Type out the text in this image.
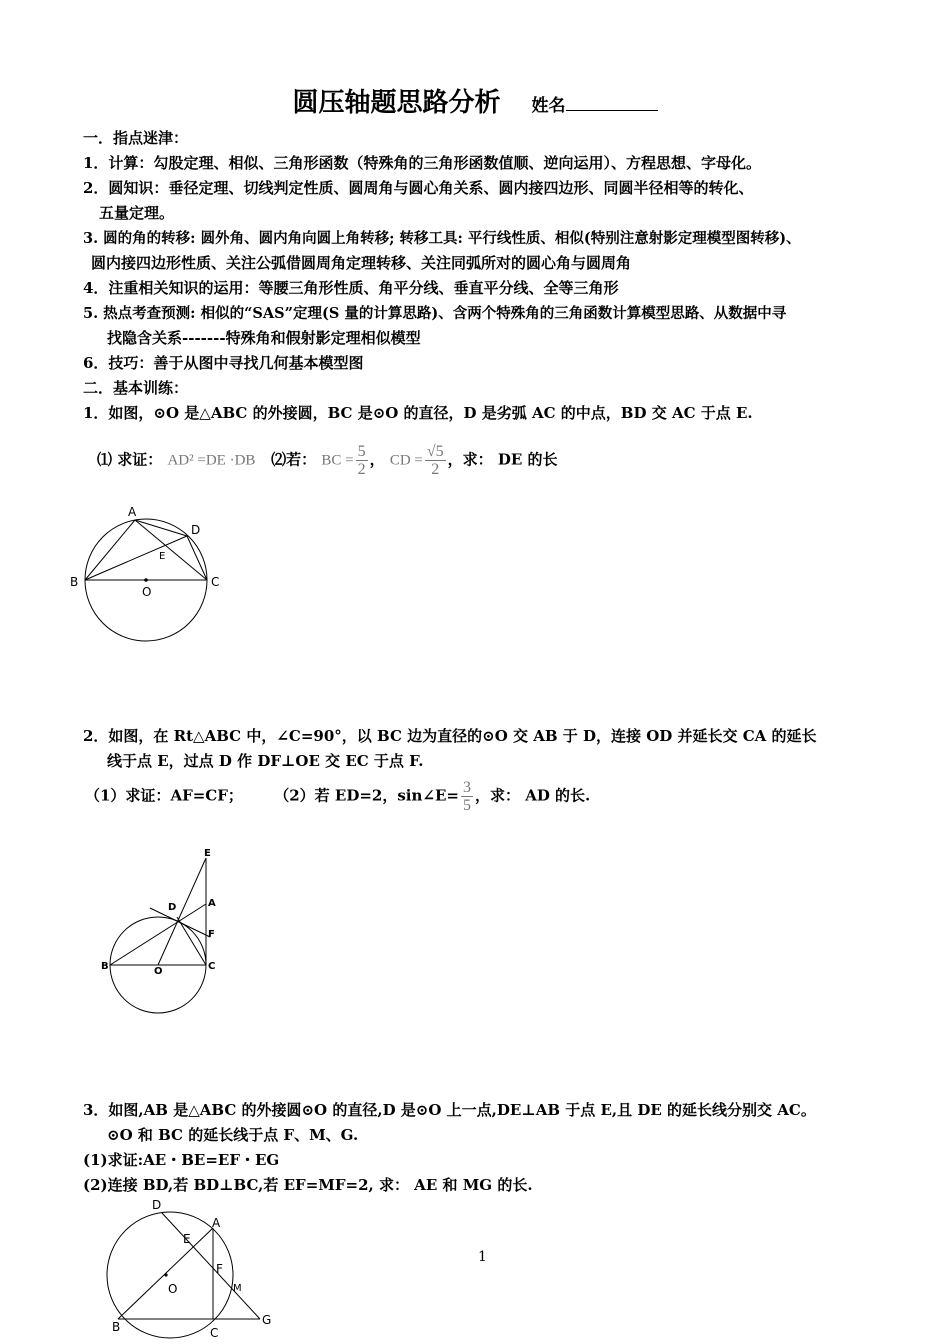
圆压轴题思路分析 姓名
一．指点迷津：
1．计算：勾股定理、相似、三角形函数（特殊角的三角形函数值顺、逆向运用）、方程思想、字母化。
2．圆知识：垂径定理、切线判定性质、圆周角与圆心角关系、圆内接四边形、同圆半径相等的转化、
五量定理。
3. 圆的角的转移: 圆外角、圆内角向圆上角转移; 转移工具: 平行线性质、相似(特别注意射影定理模型图转移)、
圆内接四边形性质、关注公弧借圆周角定理转移、关注同弧所对的圆心角与圆周角
4．注重相关知识的运用：等腰三角形性质、角平分线、垂直平分线、全等三角形
5. 热点考查预测: 相似的“SAS”定理(S 量的计算思路)、含两个特殊角的三角函数计算模型思路、从数据中寻
找隐含关系-------特殊角和假射影定理相似模型
6．技巧：善于从图中寻找几何基本模型图
二．基本训练：
1．如图，⊙O 是△ABC 的外接圆，BC 是⊙O 的直径，D 是劣弧 AC 的中点，BD 交 AC 于点 E.
⑴ 求证： AD² =DE ·DB ⑵若： BC = $\frac{5}{2}$ ， CD = $\frac{√5}{2}$ ，求： DE 的长
A
D
E
B	C
O
2．如图，在 Rt△ABC 中，∠C=90°，以 BC 边为直径的⊙O 交 AB 于 D，连接 OD 并延长交 CA 的延长
线于点 E，过点 D 作 DF⊥OE 交 EC 于点 F.
（1）求证：AF=CF； （2）若 ED=2，sin∠E= $\frac{3}{5}$ ，求： AD 的长.
E
D	A
F
B	O	C
3．如图,AB 是△ABC 的外接圆⊙O 的直径,D 是⊙O 上一点,DE⊥AB 于点 E,且 DE 的延长线分别交 AC。
⊙O 和 BC 的延长线于点 F、M、G.
(1)求证:AE・BE=EF・EG
(2)连接 BD,若 BD⊥BC,若 EF=MF=2, 求： AE 和 MG 的长.
D
A
E
F
O	M
B	C
G
1
